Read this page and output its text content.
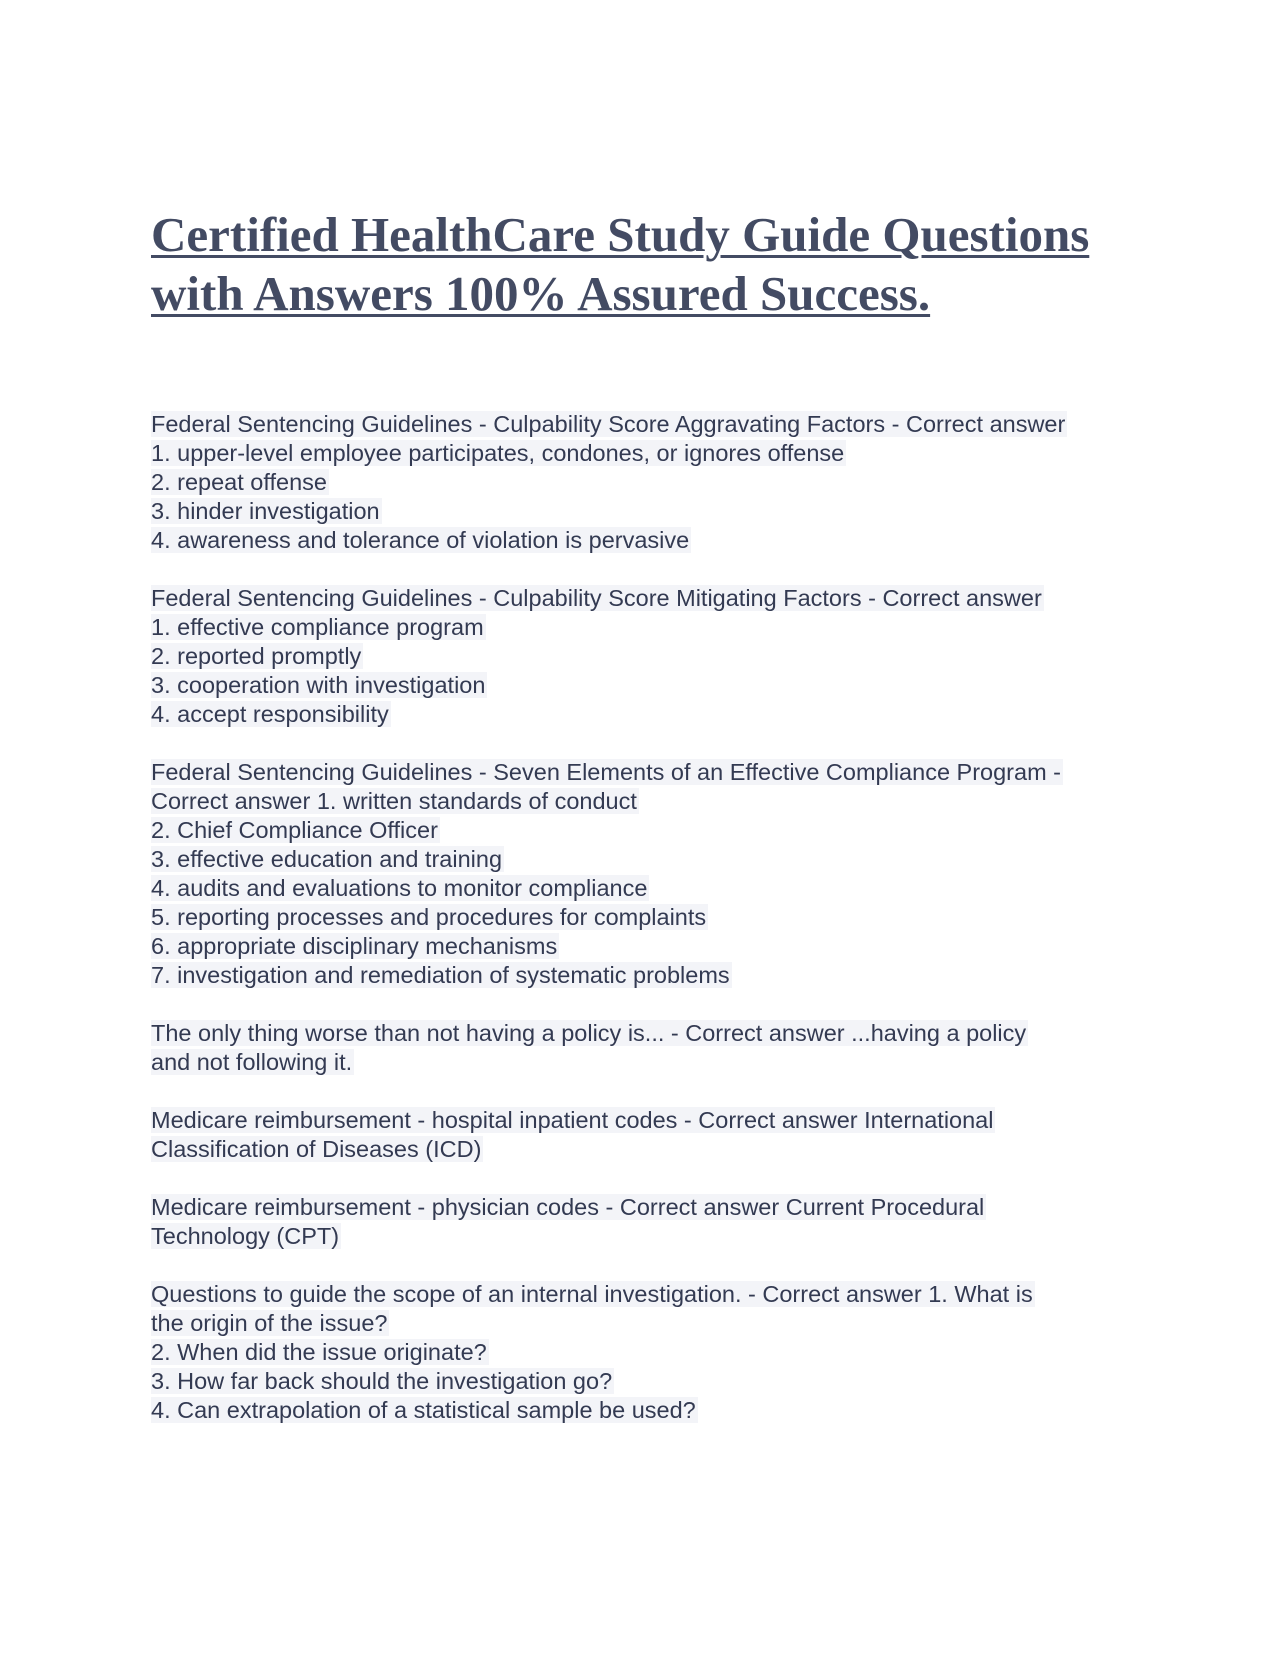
Certified HealthCare Study Guide Questions
with Answers 100% Assured Success.
Federal Sentencing Guidelines - Culpability Score Aggravating Factors - Correct answer
1. upper-level employee participates, condones, or ignores offense
2. repeat offense
3. hinder investigation
4. awareness and tolerance of violation is pervasive
Federal Sentencing Guidelines - Culpability Score Mitigating Factors - Correct answer
1. effective compliance program
2. reported promptly
3. cooperation with investigation
4. accept responsibility
Federal Sentencing Guidelines - Seven Elements of an Effective Compliance Program -
Correct answer 1. written standards of conduct
2. Chief Compliance Officer
3. effective education and training
4. audits and evaluations to monitor compliance
5. reporting processes and procedures for complaints
6. appropriate disciplinary mechanisms
7. investigation and remediation of systematic problems
The only thing worse than not having a policy is... - Correct answer ...having a policy
and not following it.
Medicare reimbursement - hospital inpatient codes - Correct answer International
Classification of Diseases (ICD)
Medicare reimbursement - physician codes - Correct answer Current Procedural
Technology (CPT)
Questions to guide the scope of an internal investigation. - Correct answer 1. What is
the origin of the issue?
2. When did the issue originate?
3. How far back should the investigation go?
4. Can extrapolation of a statistical sample be used?
